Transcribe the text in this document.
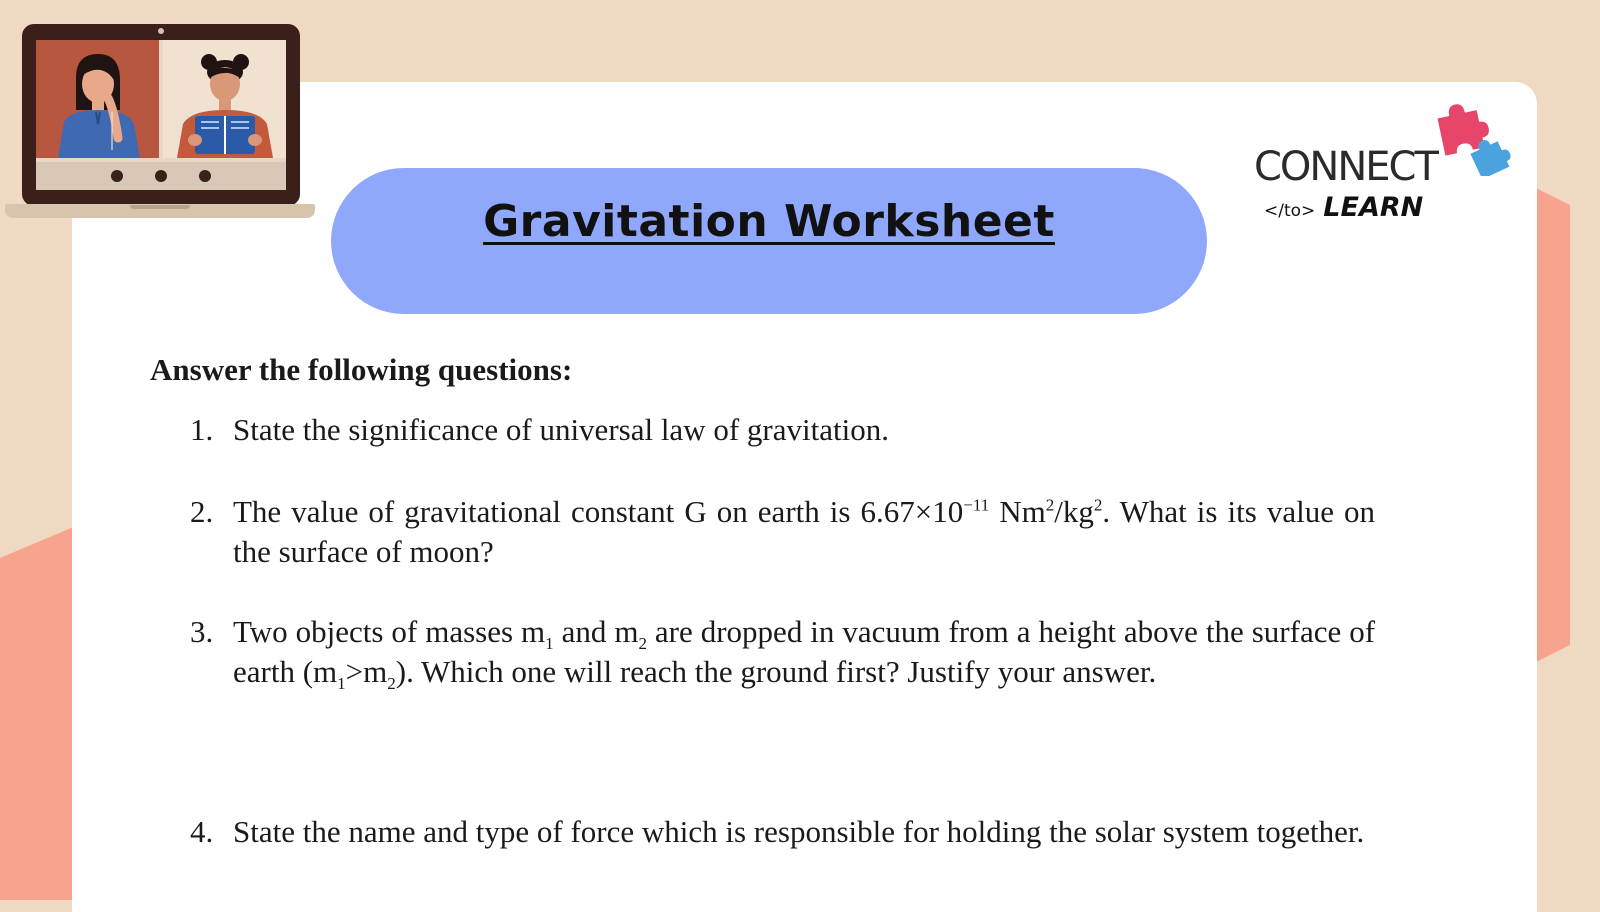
Gravitation Worksheet
CONNECT
</to> LEARN
Answer the following questions:
1. State the significance of universal law of gravitation.
2. The value of gravitational constant G on earth is $6.67\times 10^{-11}$ $Nm^2/kg^2$. What is its value on the surface of moon?
3. Two objects of masses $m_1$ and $m_2$ are dropped in vacuum from a height above the surface of earth $(m_1>m_2)$. Which one will reach the ground first? Justify your answer.
4. State the name and type of force which is responsible for holding the solar system together.
